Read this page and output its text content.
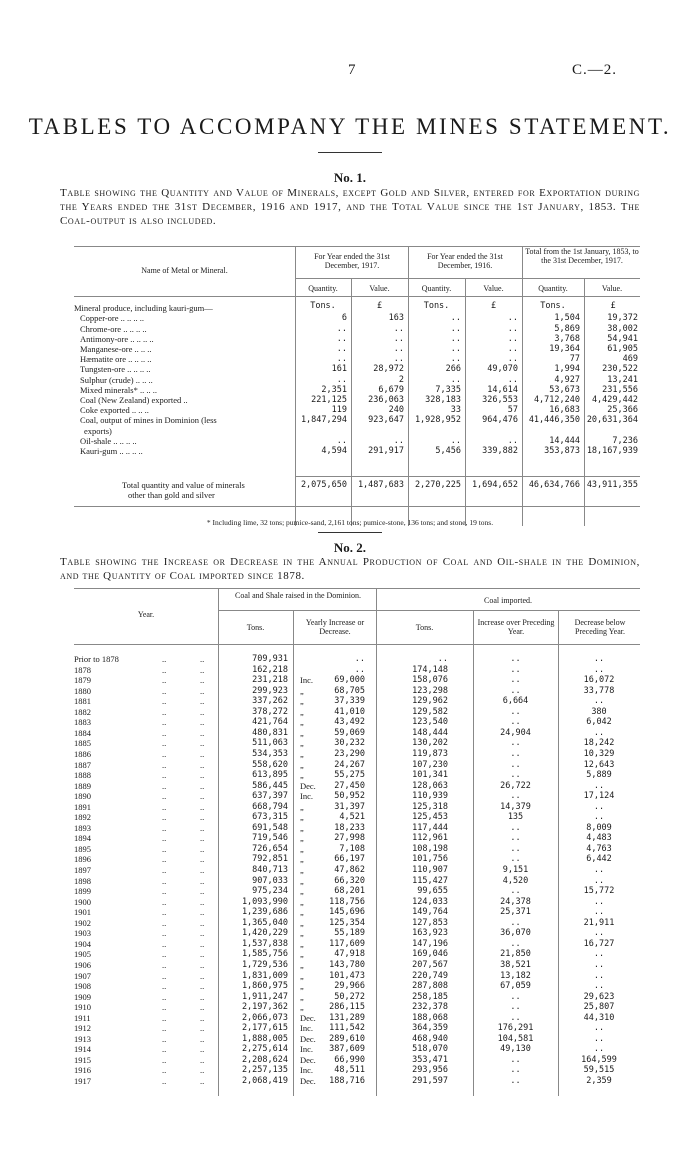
7	C.—2.
TABLES TO ACCOMPANY THE MINES STATEMENT.
No. 1.
Table showing the Quantity and Value of Minerals, except Gold and Silver, entered for Exportation during the Years ended the 31st December, 1916 and 1917, and the Total Value since the 1st January, 1853. The Coal-output is also included.
Name of Metal or Mineral.
For Year ended the 31st December, 1917.
For Year ended the 31st December, 1916.
Total from the 1st January, 1853, to the 31st December, 1917.
Quantity.	Value.	Quantity.	Value.	Quantity.	Value.
Tons.	£	Tons.	£	Tons.	£
Mineral produce, including kauri-gum—
Copper-ore .. .. .. ..	6	163	..	..	1,504	19,372
Chrome-ore .. .. .. ..	..	..	..	..	5,869	38,002
Antimony-ore .. .. .. ..	..	..	..	..	3,768	54,941
Manganese-ore .. .. ..	..	..	..	..	19,364	61,905
Hæmatite ore .. .. .. ..	..	..	..	..	77	469
Tungsten-ore .. .. .. ..	161	28,972	266	49,070	1,994	230,522
Sulphur (crude) .. .. ..	..	2	..	..	4,927	13,241
Mixed minerals* .. .. ..	2,351	6,679	7,335	14,614	53,673	231,556
Coal (New Zealand) exported ..	221,125	236,063	328,183	326,553	4,712,240	4,429,442
Coke exported .. .. ..	119	240	33	57	16,683	25,366
Coal, output of mines in Dominion (less	1,847,294	923,647	1,928,952	964,476	41,446,350 20,631,364
exports)
Oil-shale .. .. .. ..	..	..	..	..	14,444	7,236
Kauri-gum .. .. .. ..	4,594	291,917	5,456	339,882	353,873 18,167,939
Total quantity and value of minerals
other than gold and silver
2,075,650	1,487,683	2,270,225	1,694,652	46,634,766 43,911,355
* Including lime, 32 tons; pumice-sand, 2,161 tons; pumice-stone, 136 tons; and stone, 19 tons.
No. 2.
Table showing the Increase or Decrease in the Annual Production of Coal and Oil-shale in the Dominion, and the Quantity of Coal imported since 1878.
Year.
Coal and Shale raised in the Dominion.
Coal imported.
Tons.
Yearly Increase or Decrease.	Tons.
Increase over Preceding Year.
Decrease below Preceding Year.
Prior to 1878	..	..	709,931	..	..	..	..
1878	..	..	162,218	..	174,148	..	..
1879	..	..	231,218 Inc.	69,000	158,076	..	16,072
1880	..	..	299,923 „	68,705	123,298	..	33,778
1881	..	..	337,262 „	37,339	129,962	6,664	..
1882	..	..	378,272 „	41,010	129,582	..	380
1883	..	..	421,764 „	43,492	123,540	..	6,042
1884	..	..	480,831 „	59,069	148,444	24,904	..
1885	..	..	511,063 „	30,232	130,202	..	18,242
1886	..	..	534,353 „	23,290	119,873	..	10,329
1887	..	..	558,620 „	24,267	107,230	..	12,643
1888	..	..	613,895 „	55,275	101,341	..	5,889
1889	..	..	586,445 Dec.	27,450	128,063	26,722	..
1890	..	..	637,397 Inc.	50,952	110,939	..	17,124
1891	..	..	668,794 „	31,397	125,318	14,379	..
1892	..	..	673,315 „	4,521	125,453	135	..
1893	..	..	691,548 „	18,233	117,444	..	8,009
1894	..	..	719,546 „	27,998	112,961	..	4,483
1895	..	..	726,654 „	7,108	108,198	..	4,763
1896	..	..	792,851 „	66,197	101,756	..	6,442
1897	..	..	840,713 „	47,862	110,907	9,151	..
1898	..	..	907,033 „	66,320	115,427	4,520	..
1899	..	..	975,234 „	68,201	99,655	..	15,772
1900	..	..	1,093,990 „	118,756	124,033	24,378	..
1901	..	..	1,239,686 „	145,696	149,764	25,371	..
1902	..	..	1,365,040 „	125,354	127,853	..	21,911
1903	..	..	1,420,229 „	55,189	163,923	36,070	..
1904	..	..	1,537,838 „	117,609	147,196	..	16,727
1905	..	..	1,585,756 „	47,918	169,046	21,850	..
1906	..	..	1,729,536 „	143,780	207,567	38,521	..
1907	..	..	1,831,009 „	101,473	220,749	13,182	..
1908	..	..	1,860,975 „	29,966	287,808	67,059	..
1909	..	..	1,911,247 „	50,272	258,185	..	29,623
1910	..	..	2,197,362 „	286,115	232,378	..	25,807
1911	..	..	2,066,073 Dec.	131,289	188,068	..	44,310
1912	..	..	2,177,615 Inc.	111,542	364,359	176,291	..
1913	..	..	1,888,005 Dec.	289,610	468,940	104,581	..
1914	..	..	2,275,614 Inc.	387,609	518,070	49,130	..
1915	..	..	2,208,624 Dec.	66,990	353,471	..	164,599
1916	..	..	2,257,135 Inc.	48,511	293,956	..	59,515
1917	..	..	2,068,419 Dec.	188,716	291,597	..	2,359
